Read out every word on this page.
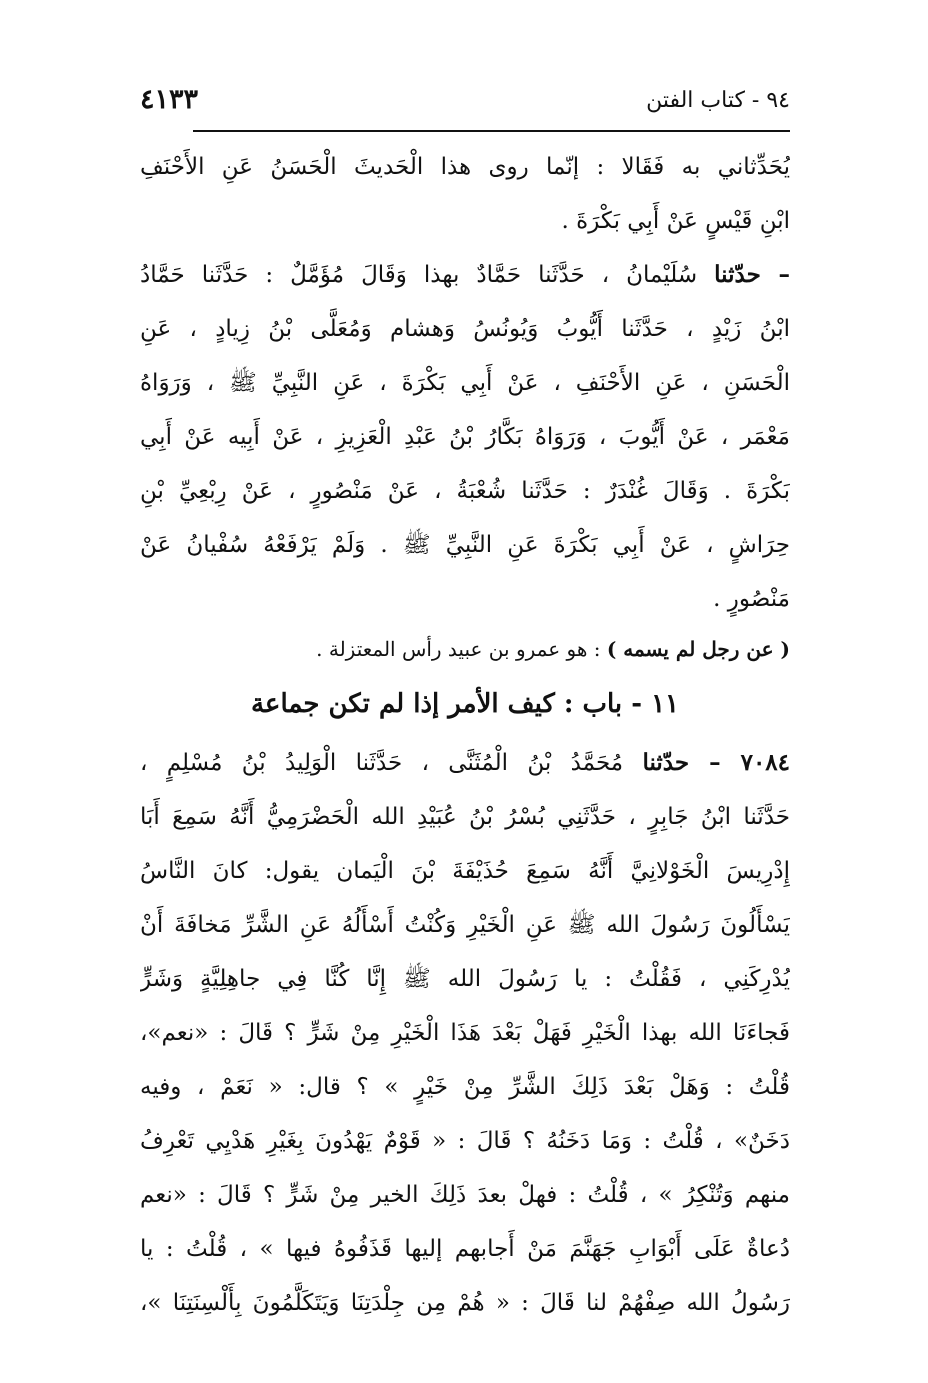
٩٤ - كتاب الفتن
٤١٣٣
يُحَدِّثاني به فَقَالا : إنّما روى هذا الْحَديثَ الْحَسَنُ عَنِ الأَحْنَفِ
ابْنِ قَيْسٍ عَنْ أَبِي بَكْرَةَ .
– حدّثنا سُلَيْمانُ ، حَدَّثَنا حَمَّادٌ بهذا وَقَالَ مُؤَمَّلٌ : حَدَّثَنا حَمَّادُ
ابْنُ زَيْدٍ ، حَدَّثَنا أَيُّوبُ وَيُونُسُ وَهشام وَمُعَلَّى بْنُ زِيادٍ ، عَنِ
الْحَسَنِ ، عَنِ الأَحْنَفِ ، عَنْ أَبِي بَكْرَةَ ، عَنِ النَّبِيِّ ﷺ ، وَرَوَاهُ
مَعْمَر ، عَنْ أَيُّوبَ ، وَرَوَاهُ بَكَّارُ بْنُ عَبْدِ الْعَزِيزِ ، عَنْ أَبِيه عَنْ أَبِي
بَكْرَةَ . وَقَالَ غُنْدَرٌ : حَدَّثَنا شُعْبَةُ ، عَنْ مَنْصُورٍ ، عَنْ رِبْعِيِّ بْنِ
حِرَاشٍ ، عَنْ أَبِي بَكْرَةَ عَنِ النَّبِيِّ ﷺ . وَلَمْ يَرْفَعْهُ سُفْيانُ عَنْ
مَنْصُورٍ .
( عن رجل لم يسمه ) : هو عمرو بن عبيد رأس المعتزلة .
١١ - باب : كيف الأمر إذا لم تكن جماعة
٧٠٨٤ – حدّثنا مُحَمَّدُ بْنُ الْمُثَنَّى ، حَدَّثَنا الْوَلِيدُ بْنُ مُسْلِمٍ ،
حَدَّثَنا ابْنُ جَابِرٍ ، حَدَّثَنِي بُسْرُ بْنُ عُبَيْدِ الله الْحَضْرَمِيُّ أَنَّهُ سَمِعَ أَبَا
إِدْرِيسَ الْخَوْلانِيَّ أَنَّهُ سَمِعَ حُذَيْفَةَ بْنَ الْيَمان يقول: كانَ النَّاسُ
يَسْأَلُونَ رَسُولَ الله ﷺ عَنِ الْخَيْرِ وَكُنْتُ أَسْأَلُهُ عَنِ الشَّرِّ مَخافَةَ أَنْ
يُدْرِكَنِي ، فَقُلْتُ : يا رَسُولَ الله ﷺ إِنَّا كُنَّا فِي جاهِلِيَّةٍ وَشَرٍّ
فَجاءَنَا الله بهذا الْخَيْرِ فَهَلْ بَعْدَ هَذَا الْخَيْرِ مِنْ شَرٍّ ؟ قَالَ : «نعم»،
قُلْتُ : وَهَلْ بَعْدَ ذَلِكَ الشَّرِّ مِنْ خَيْرٍ » ؟ قال: « نَعَمْ ، وفيه
دَخَنٌ» ، قُلْتُ : وَمَا دَخَنُهُ ؟ قَالَ : « قَوْمٌ يَهْدُونَ بِغَيْرِ هَدْيِي تَعْرِفُ
منهم وَتُنْكِرُ » ، قُلْتُ : فهلْ بعدَ ذَلِكَ الخير مِنْ شَرٍّ ؟ قَالَ : «نعم
دُعاةٌ عَلَى أَبْوَابِ جَهَنَّمَ مَنْ أَجابهم إليها قَذَفُوهُ فيها » ، قُلْتُ : يا
رَسُولُ الله صِفْهُمْ لنا قَالَ : « هُمْ مِن جِلْدَتِنَا وَيَتَكَلَّمُونَ بِأَلْسِنَتِنَا »،
